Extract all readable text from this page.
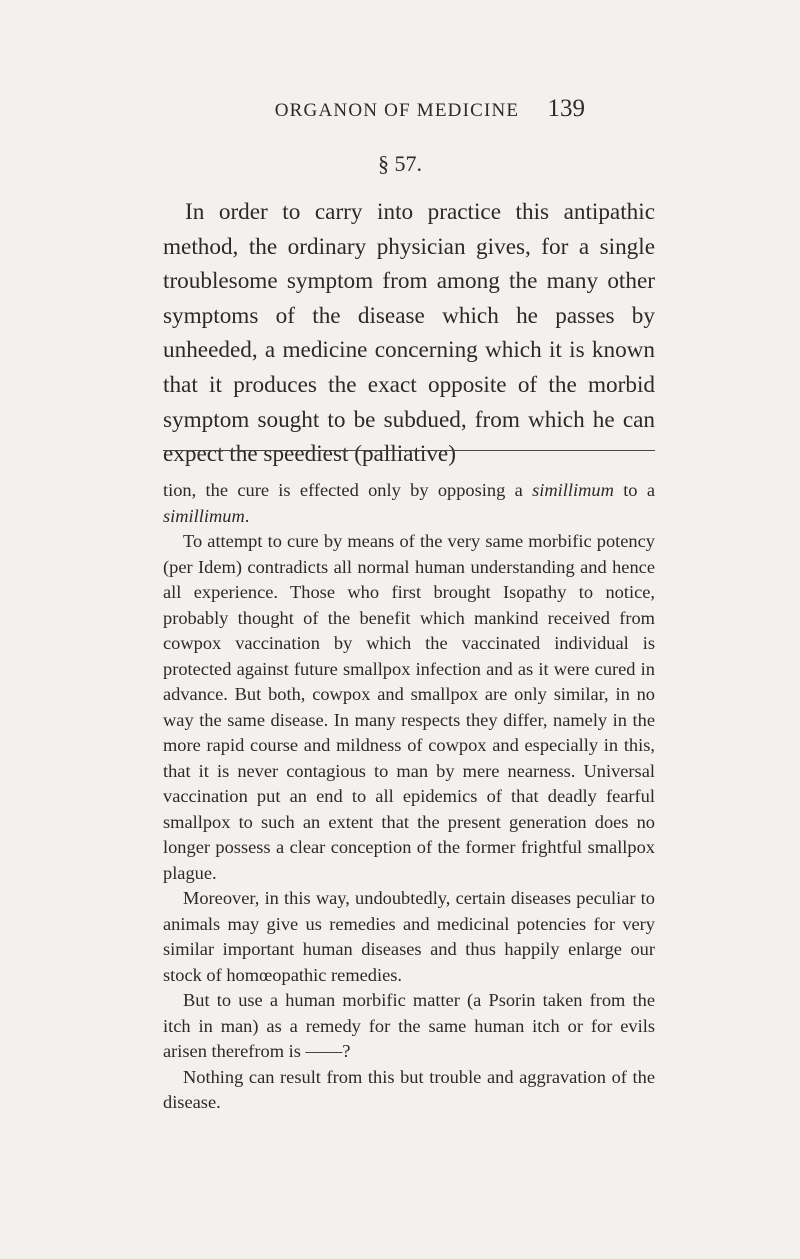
ORGANON OF MEDICINE	139
§ 57.

In order to carry into practice this antipathic method, the ordinary physician gives, for a single troublesome symptom from among the many other symptoms of the disease which he passes by unheeded, a medicine concerning which it is known that it produces the exact opposite of the morbid symptom sought to be subdued, from which he can expect the speediest (palliative)

tion, the cure is effected only by opposing a simillimum to a simillimum.

To attempt to cure by means of the very same morbific potency (per Idem) contradicts all normal human understanding and hence all experience. Those who first brought Isopathy to notice, probably thought of the benefit which mankind received from cowpox vaccination by which the vaccinated individual is protected against future smallpox infection and as it were cured in advance. But both, cowpox and smallpox are only similar, in no way the same disease. In many respects they differ, namely in the more rapid course and mildness of cowpox and especially in this, that it is never contagious to man by mere nearness. Universal vaccination put an end to all epidemics of that deadly fearful smallpox to such an extent that the present generation does no longer possess a clear conception of the former frightful smallpox plague.

Moreover, in this way, undoubtedly, certain diseases peculiar to animals may give us remedies and medicinal potencies for very similar important human diseases and thus happily enlarge our stock of homœopathic remedies.

But to use a human morbific matter (a Psorin taken from the itch in man) as a remedy for the same human itch or for evils arisen therefrom is ——?

Nothing can result from this but trouble and aggravation of the disease.
